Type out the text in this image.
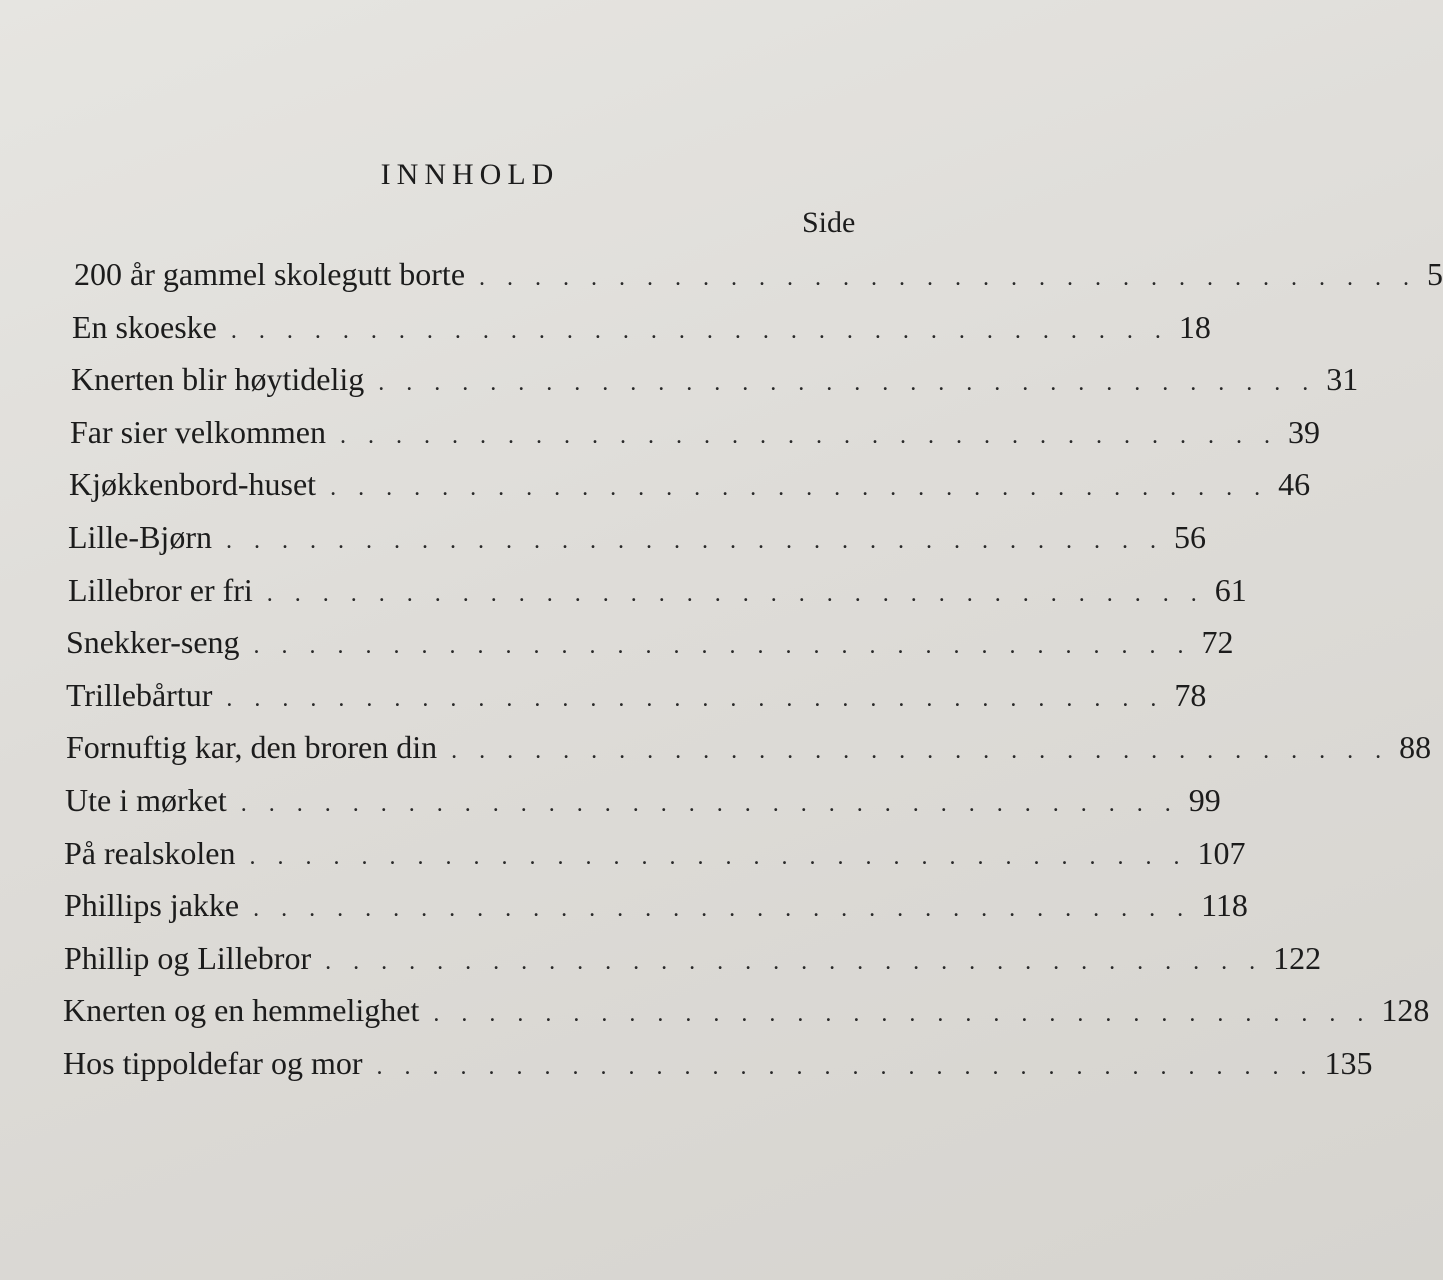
INNHOLD
Side
200 år gammel skolegutt borte . . . . . . . . . . . . . . . . . . . . . . . . . . . . . . . . . . 5
En skoeske . . . . . . . . . . . . . . . . . . . . . . . . . . . . . . . . . . 18
Knerten blir høytidelig . . . . . . . . . . . . . . . . . . . . . . . . . . . . . . . . . . 31
Far sier velkommen . . . . . . . . . . . . . . . . . . . . . . . . . . . . . . . . . . 39
Kjøkkenbord-huset . . . . . . . . . . . . . . . . . . . . . . . . . . . . . . . . . . 46
Lille-Bjørn . . . . . . . . . . . . . . . . . . . . . . . . . . . . . . . . . . 56
Lillebror er fri . . . . . . . . . . . . . . . . . . . . . . . . . . . . . . . . . . 61
Snekker-seng . . . . . . . . . . . . . . . . . . . . . . . . . . . . . . . . . . 72
Trillebårtur . . . . . . . . . . . . . . . . . . . . . . . . . . . . . . . . . . 78
Fornuftig kar, den broren din . . . . . . . . . . . . . . . . . . . . . . . . . . . . . . . . . . 88
Ute i mørket . . . . . . . . . . . . . . . . . . . . . . . . . . . . . . . . . . 99
På realskolen . . . . . . . . . . . . . . . . . . . . . . . . . . . . . . . . . . 107
Phillips jakke . . . . . . . . . . . . . . . . . . . . . . . . . . . . . . . . . . 118
Phillip og Lillebror . . . . . . . . . . . . . . . . . . . . . . . . . . . . . . . . . . 122
Knerten og en hemmelighet . . . . . . . . . . . . . . . . . . . . . . . . . . . . . . . . . . 128
Hos tippoldefar og mor . . . . . . . . . . . . . . . . . . . . . . . . . . . . . . . . . . 135
